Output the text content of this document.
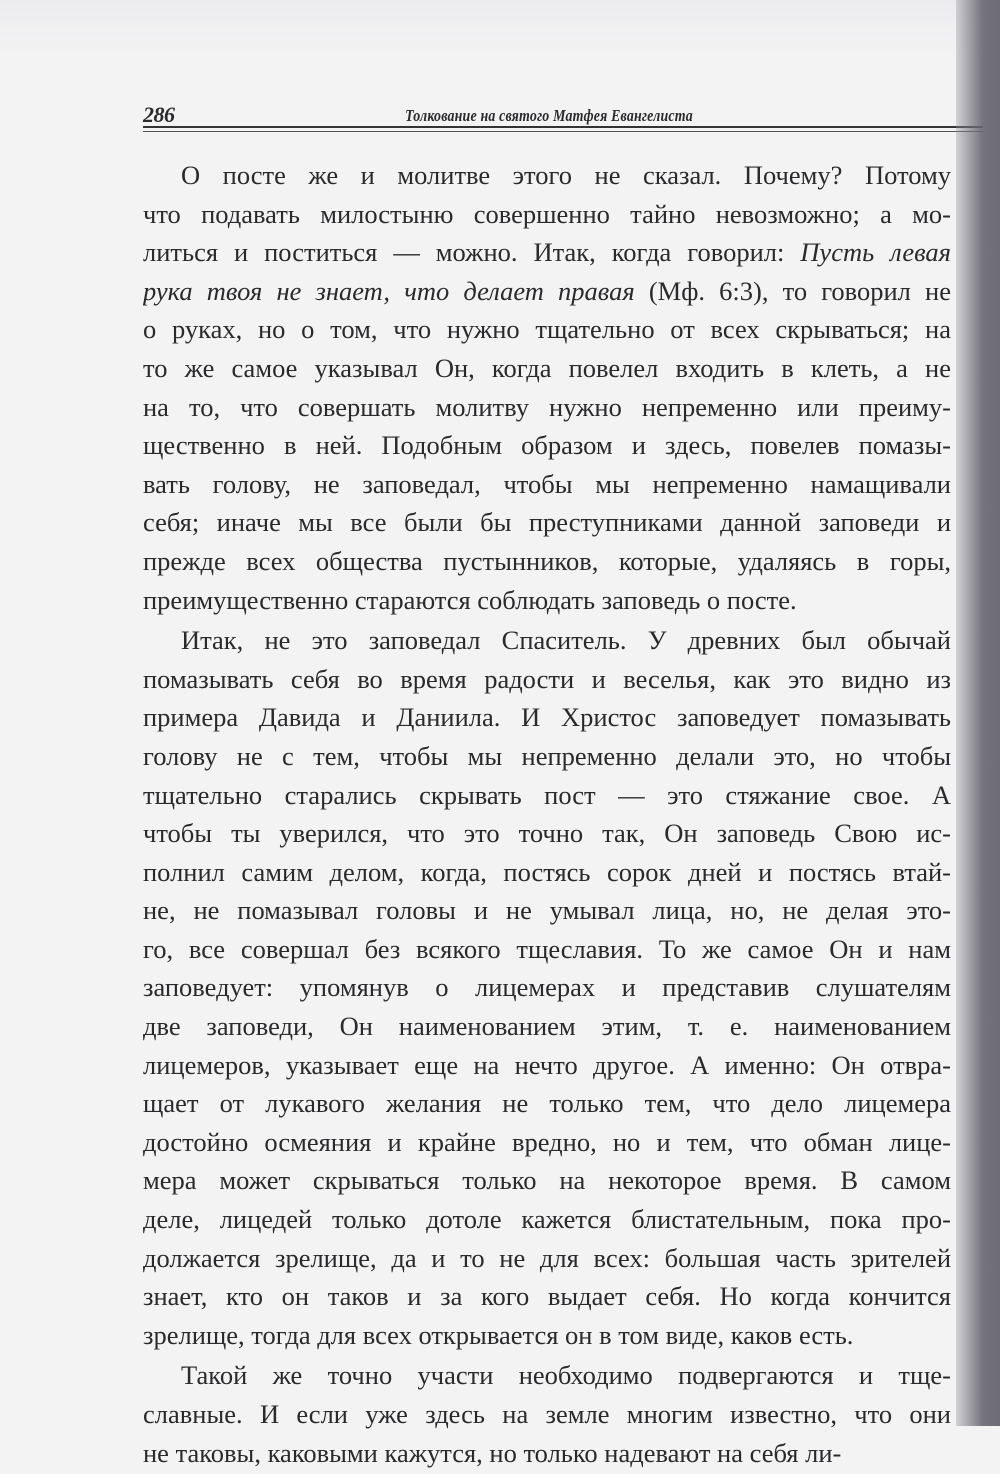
286	Толкование на святого Матфея Евангелиста
О посте же и молитве этого не сказал. Почему? Потому
что подавать милостыню совершенно тайно невозможно; а мо-
литься и поститься — можно. Итак, когда говорил: Пусть левая
рука твоя не знает, что делает правая (Мф. 6:3), то говорил не
о руках, но о том, что нужно тщательно от всех скрываться; на
то же самое указывал Он, когда повелел входить в клеть, а не
на то, что совершать молитву нужно непременно или преиму-
щественно в ней. Подобным образом и здесь, повелев помазы-
вать голову, не заповедал, чтобы мы непременно намащивали
себя; иначе мы все были бы преступниками данной заповеди и
прежде всех общества пустынников, которые, удаляясь в горы,
преимущественно стараются соблюдать заповедь о посте.
Итак, не это заповедал Спаситель. У древних был обычай
помазывать себя во время радости и веселья, как это видно из
примера Давида и Даниила. И Христос заповедует помазывать
голову не с тем, чтобы мы непременно делали это, но чтобы
тщательно старались скрывать пост — это стяжание свое. А
чтобы ты уверился, что это точно так, Он заповедь Свою ис-
полнил самим делом, когда, постясь сорок дней и постясь втай-
не, не помазывал головы и не умывал лица, но, не делая это-
го, все совершал без всякого тщеславия. То же самое Он и нам
заповедует: упомянув о лицемерах и представив слушателям
две заповеди, Он наименованием этим, т. е. наименованием
лицемеров, указывает еще на нечто другое. А именно: Он отвра-
щает от лукавого желания не только тем, что дело лицемера
достойно осмеяния и крайне вредно, но и тем, что обман лице-
мера может скрываться только на некоторое время. В самом
деле, лицедей только дотоле кажется блистательным, пока про-
должается зрелище, да и то не для всех: большая часть зрителей
знает, кто он таков и за кого выдает себя. Но когда кончится
зрелище, тогда для всех открывается он в том виде, каков есть.
Такой же точно участи необходимо подвергаются и тще-
славные. И если уже здесь на земле многим известно, что они
не таковы, каковыми кажутся, но только надевают на себя ли-
